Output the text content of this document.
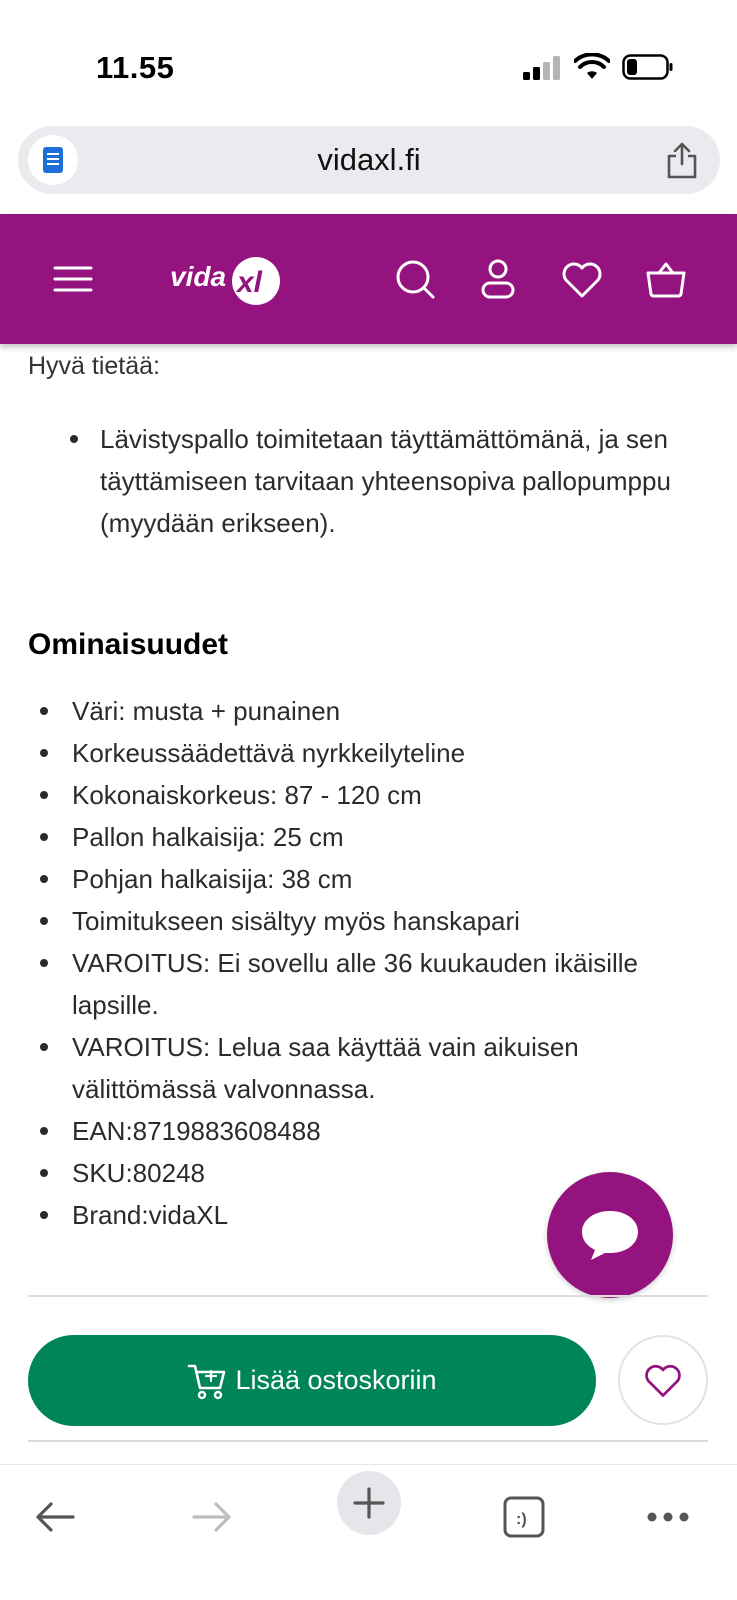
11.55
vidaxl.fi
vida xl
Hyvä tietää:
Lävistyspallo toimitetaan täyttämättömänä, ja sen täyttämiseen tarvitaan yhteensopiva pallopumppu (myydään erikseen).
Ominaisuudet
Väri: musta + punainen
Korkeussäädettävä nyrkkeilyteline
Kokonaiskorkeus: 87 - 120 cm
Pallon halkaisija: 25 cm
Pohjan halkaisija: 38 cm
Toimitukseen sisältyy myös hanskapari
VAROITUS: Ei sovellu alle 36 kuukauden ikäisille lapsille.
VAROITUS: Lelua saa käyttää vain aikuisen välittömässä valvonnassa.
EAN:8719883608488
SKU:80248
Brand:vidaXL
Lisää ostoskoriin
:)
